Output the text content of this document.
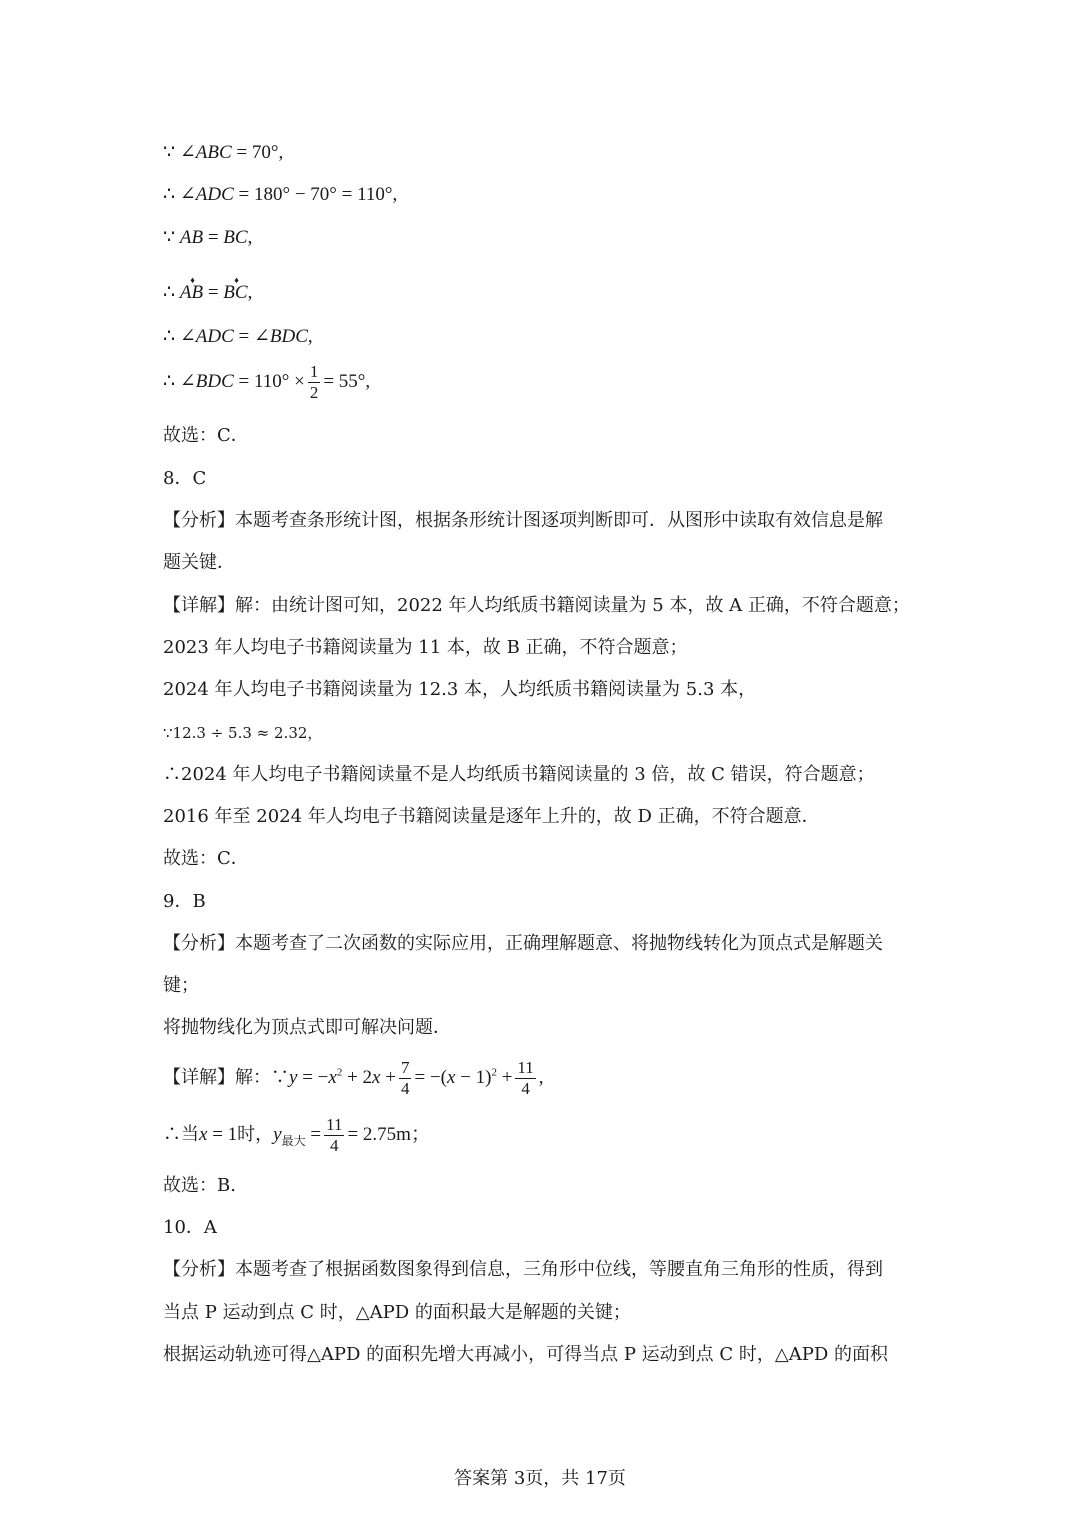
∵ ∠ABC = 70°,
∴ ∠ADC = 180° − 70° = 110°,
∵ AB = BC,
∴ ♦ AB = ♦ BC,
∴ ∠ADC = ∠BDC,
∴ ∠BDC = $110^\circ \times \frac{1}{2} = 55^\circ$,
故选：C．
8．C
【分析】本题考查条形统计图，根据条形统计图逐项判断即可．从图形中读取有效信息是解
题关键．
【详解】解：由统计图可知，2022 年人均纸质书籍阅读量为 5 本，故 A 正确，不符合题意；
2023 年人均电子书籍阅读量为 11 本，故 B 正确，不符合题意；
2024 年人均电子书籍阅读量为 12.3 本，人均纸质书籍阅读量为 5.3 本，
∵12.3 ÷ 5.3 ≈ 2.32，
∴2024 年人均电子书籍阅读量不是人均纸质书籍阅读量的 3 倍，故 C 错误，符合题意；
2016 年至 2024 年人均电子书籍阅读量是逐年上升的，故 D 正确，不符合题意．
故选：C．
9．B
【分析】本题考查了二次函数的实际应用，正确理解题意、将抛物线转化为顶点式是解题关
键；
将抛物线化为顶点式即可解决问题．
【详解】解：∵y = $-x^2 + 2x + \frac{7}{4} = -(x - 1)^2 + \frac{11}{4}$ ,
∴当x = 1时，$y_{最大} = \frac{11}{4} = 2.75m$；
故选：B.
10．A
【分析】本题考查了根据函数图象得到信息，三角形中位线，等腰直角三角形的性质，得到
当点 P 运动到点 C 时，△APD 的面积最大是解题的关键；
根据运动轨迹可得△APD 的面积先增大再减小，可得当点 P 运动到点 C 时，△APD 的面积
答案第 3页，共 17页
